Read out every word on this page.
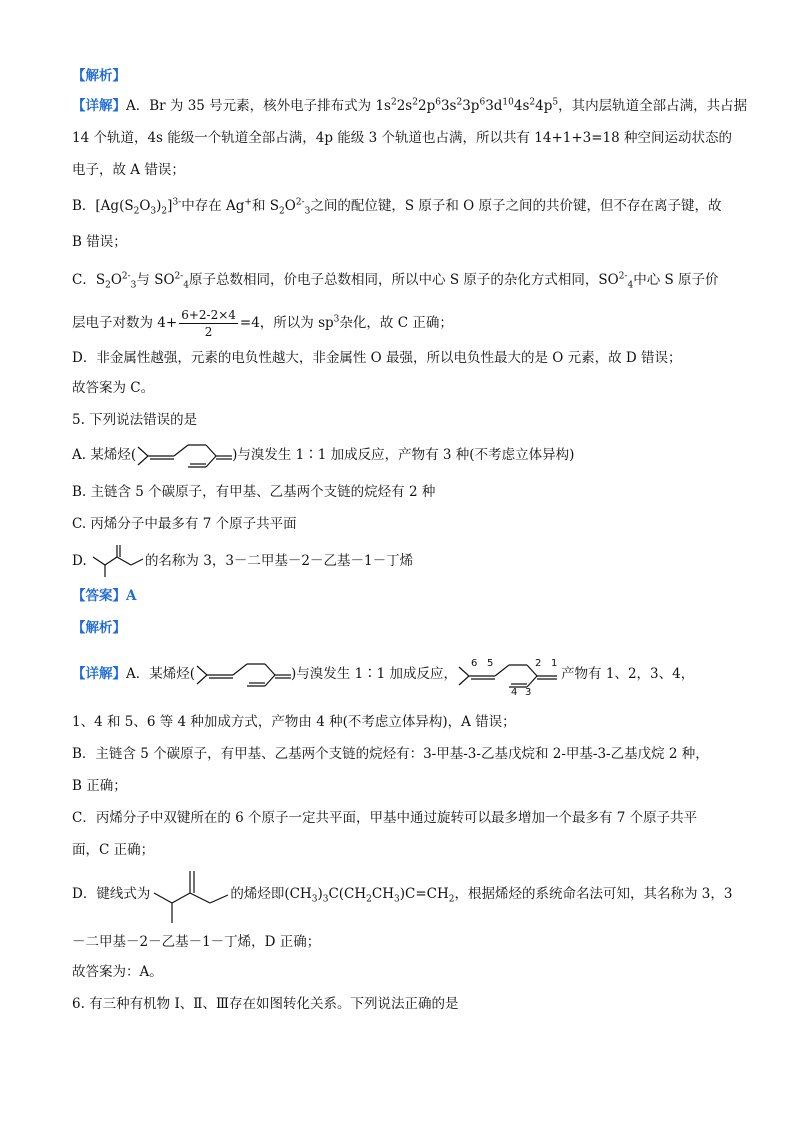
【解析】
【详解】A．Br 为 35 号元素，核外电子排布式为 $1s^22s^22p^63s^23p^63d^{10}4s^24p^5$，其内层轨道全部占满，共占据
14 个轨道，4s 能级一个轨道全部占满，4p 能级 3 个轨道也占满，所以共有 14+1+3=18 种空间运动状态的
电子，故 A 错误；
B．$[Ag(S_2O_3)_2]^{3-}$中存在 Ag+和 $S_2O^{2-}_3$之间的配位键，S 原子和 O 原子之间的共价键，但不存在离子键，故
B 错误；
C．$S_2O^{2-}_3$与 $SO^{2-}_4$原子总数相同，价电子总数相同，所以中心 S 原子的杂化方式相同，$SO^{2-}_4$中心 S 原子价
层电子对数为 $4+ \frac{6+2-2\times 4}{2} =4$，所以为 $sp^3$杂化，故 C 正确；
D．非金属性越强，元素的电负性越大，非金属性 O 最强，所以电负性最大的是 O 元素，故 D 错误；
故答案为 C。
5. 下列说法错误的是
A. 某烯烃(	)与溴发生 1∶1 加成反应，产物有 3 种(不考虑立体异构)
B. 主链含 5 个碳原子，有甲基、乙基两个支链的烷烃有 2 种
C. 丙烯分子中最多有 7 个原子共平面
D.	的名称为 3，3－二甲基－2－乙基－1－丁烯
【答案】A
【解析】
【详解】A．某烯烃(	)与溴发生 1∶1 加成反应，
6 5	2 1
4 3
产物有 1、2，3、4，
1、4 和 5、6 等 4 种加成方式，产物由 4 种(不考虑立体异构)，A 错误；
B．主链含 5 个碳原子，有甲基、乙基两个支链的烷烃有：3-甲基-3-乙基戊烷和 2-甲基-3-乙基戊烷 2 种，
B 正确；
C．丙烯分子中双键所在的 6 个原子一定共平面，甲基中通过旋转可以最多增加一个最多有 7 个原子共平
面，C 正确；
D．键线式为	的烯烃即$(CH_3)_3C(CH_2CH_3)C=CH_2$，根据烯烃的系统命名法可知，其名称为 3，3
－二甲基－2－乙基－1－丁烯，D 正确；
故答案为：A。
6. 有三种有机物 I、Ⅱ、Ⅲ存在如图转化关系。下列说法正确的是
